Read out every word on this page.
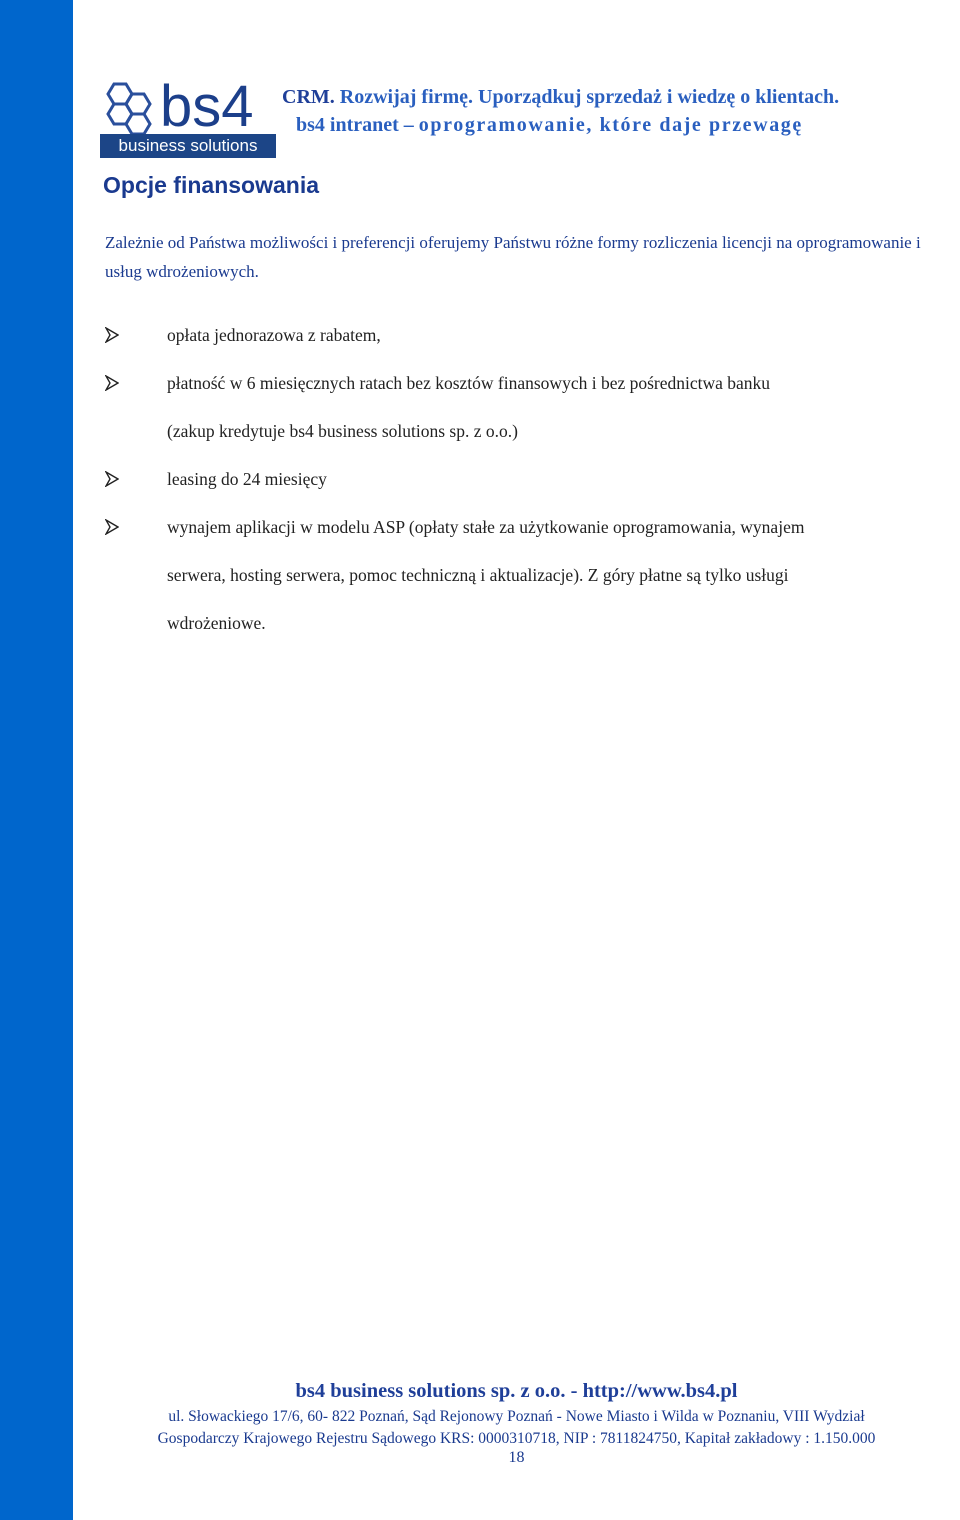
bs4
business solutions
CRM. Rozwijaj firmę. Uporządkuj sprzedaż i wiedzę o klientach.
bs4 intranet – oprogramowanie, które daje przewagę
Opcje finansowania
Zależnie od Państwa możliwości i preferencji oferujemy Państwu różne formy rozliczenia licencji na oprogramowanie i usług wdrożeniowych.
opłata jednorazowa z rabatem,
płatność w 6 miesięcznych ratach bez kosztów finansowych i bez pośrednictwa banku
(zakup kredytuje bs4 business solutions sp. z o.o.)
leasing do 24 miesięcy
wynajem aplikacji w modelu ASP (opłaty stałe za użytkowanie oprogramowania, wynajem
serwera, hosting serwera, pomoc techniczną i aktualizacje). Z góry płatne są tylko usługi
wdrożeniowe.
bs4 business solutions sp. z o.o. - http://www.bs4.pl
ul. Słowackiego 17/6, 60- 822 Poznań, Sąd Rejonowy Poznań - Nowe Miasto i Wilda w Poznaniu, VIII Wydział
Gospodarczy Krajowego Rejestru Sądowego KRS: 0000310718, NIP : 7811824750, Kapitał zakładowy : 1.150.000
18
